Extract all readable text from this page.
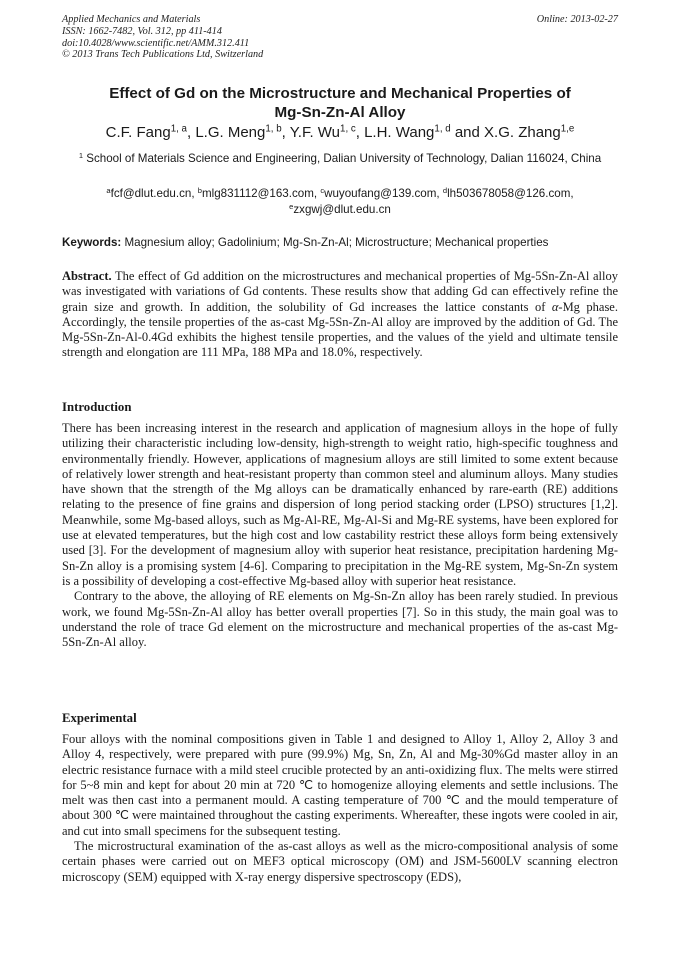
Applied Mechanics and Materials
ISSN: 1662-7482, Vol. 312, pp 411-414
doi:10.4028/www.scientific.net/AMM.312.411
© 2013 Trans Tech Publications Ltd, Switzerland
Online: 2013-02-27
Effect of Gd on the Microstructure and Mechanical Properties of
Mg-Sn-Zn-Al Alloy
C.F. Fang$^{1, a}$, L.G. Meng$^{1, b}$, Y.F. Wu$^{1, c}$, L.H. Wang$^{1, d}$ and X.G. Zhang$^{1,e}$
$^1$ School of Materials Science and Engineering, Dalian University of Technology, Dalian 116024, China
$^a$fcf@dlut.edu.cn, $^b$mlg831112@163.com, $^c$wuyoufang@139.com, $^d$lh503678058@126.com,
$^e$zxgwj@dlut.edu.cn
Keywords: Magnesium alloy; Gadolinium; Mg-Sn-Zn-Al; Microstructure; Mechanical properties

Abstract. The effect of Gd addition on the microstructures and mechanical properties of Mg-5Sn-Zn-Al alloy was investigated with variations of Gd contents. These results show that adding Gd can effectively refine the grain size and growth. In addition, the solubility of Gd increases the lattice constants of α-Mg phase. Accordingly, the tensile properties of the as-cast Mg-5Sn-Zn-Al alloy are improved by the addition of Gd. The Mg-5Sn-Zn-Al-0.4Gd exhibits the highest tensile properties, and the values of the yield and ultimate tensile strength and elongation are 111 MPa, 188 MPa and 18.0%, respectively.

Introduction

There has been increasing interest in the research and application of magnesium alloys in the hope of fully utilizing their characteristic including low-density, high-strength to weight ratio, high-specific toughness and environmentally friendly. However, applications of magnesium alloys are still limited to some extent because of relatively lower strength and heat-resistant property than common steel and aluminum alloys. Many studies have shown that the strength of the Mg alloys can be dramatically enhanced by rare-earth (RE) additions relating to the presence of fine grains and dispersion of long period stacking order (LPSO) structures [1,2]. Meanwhile, some Mg-based alloys, such as Mg-Al-RE, Mg-Al-Si and Mg-RE systems, have been explored for use at elevated temperatures, but the high cost and low castability restrict these alloys form being extensively used [3]. For the development of magnesium alloy with superior heat resistance, precipitation hardening Mg-Sn-Zn alloy is a promising system [4-6]. Comparing to precipitation in the Mg-RE system, Mg-Sn-Zn system is a possibility of developing a cost-effective Mg-based alloy with superior heat resistance.

Contrary to the above, the alloying of RE elements on Mg-Sn-Zn alloy has been rarely studied. In previous work, we found Mg-5Sn-Zn-Al alloy has better overall properties [7]. So in this study, the main goal was to understand the role of trace Gd element on the microstructure and mechanical properties of the as-cast Mg-5Sn-Zn-Al alloy.

Experimental

Four alloys with the nominal compositions given in Table 1 and designed to Alloy 1, Alloy 2, Alloy 3 and Alloy 4, respectively, were prepared with pure (99.9%) Mg, Sn, Zn, Al and Mg-30%Gd master alloy in an electric resistance furnace with a mild steel crucible protected by an anti-oxidizing flux. The melts were stirred for 5~8 min and kept for about 20 min at 720 ℃ to homogenize alloying elements and settle inclusions. The melt was then cast into a permanent mould. A casting temperature of 700 ℃ and the mould temperature of about 300 ℃ were maintained throughout the casting experiments. Whereafter, these ingots were cooled in air, and cut into small specimens for the subsequent testing.

The microstructural examination of the as-cast alloys as well as the micro-compositional analysis of some certain phases were carried out on MEF3 optical microscopy (OM) and JSM-5600LV scanning electron microscopy (SEM) equipped with X-ray energy dispersive spectroscopy (EDS),
